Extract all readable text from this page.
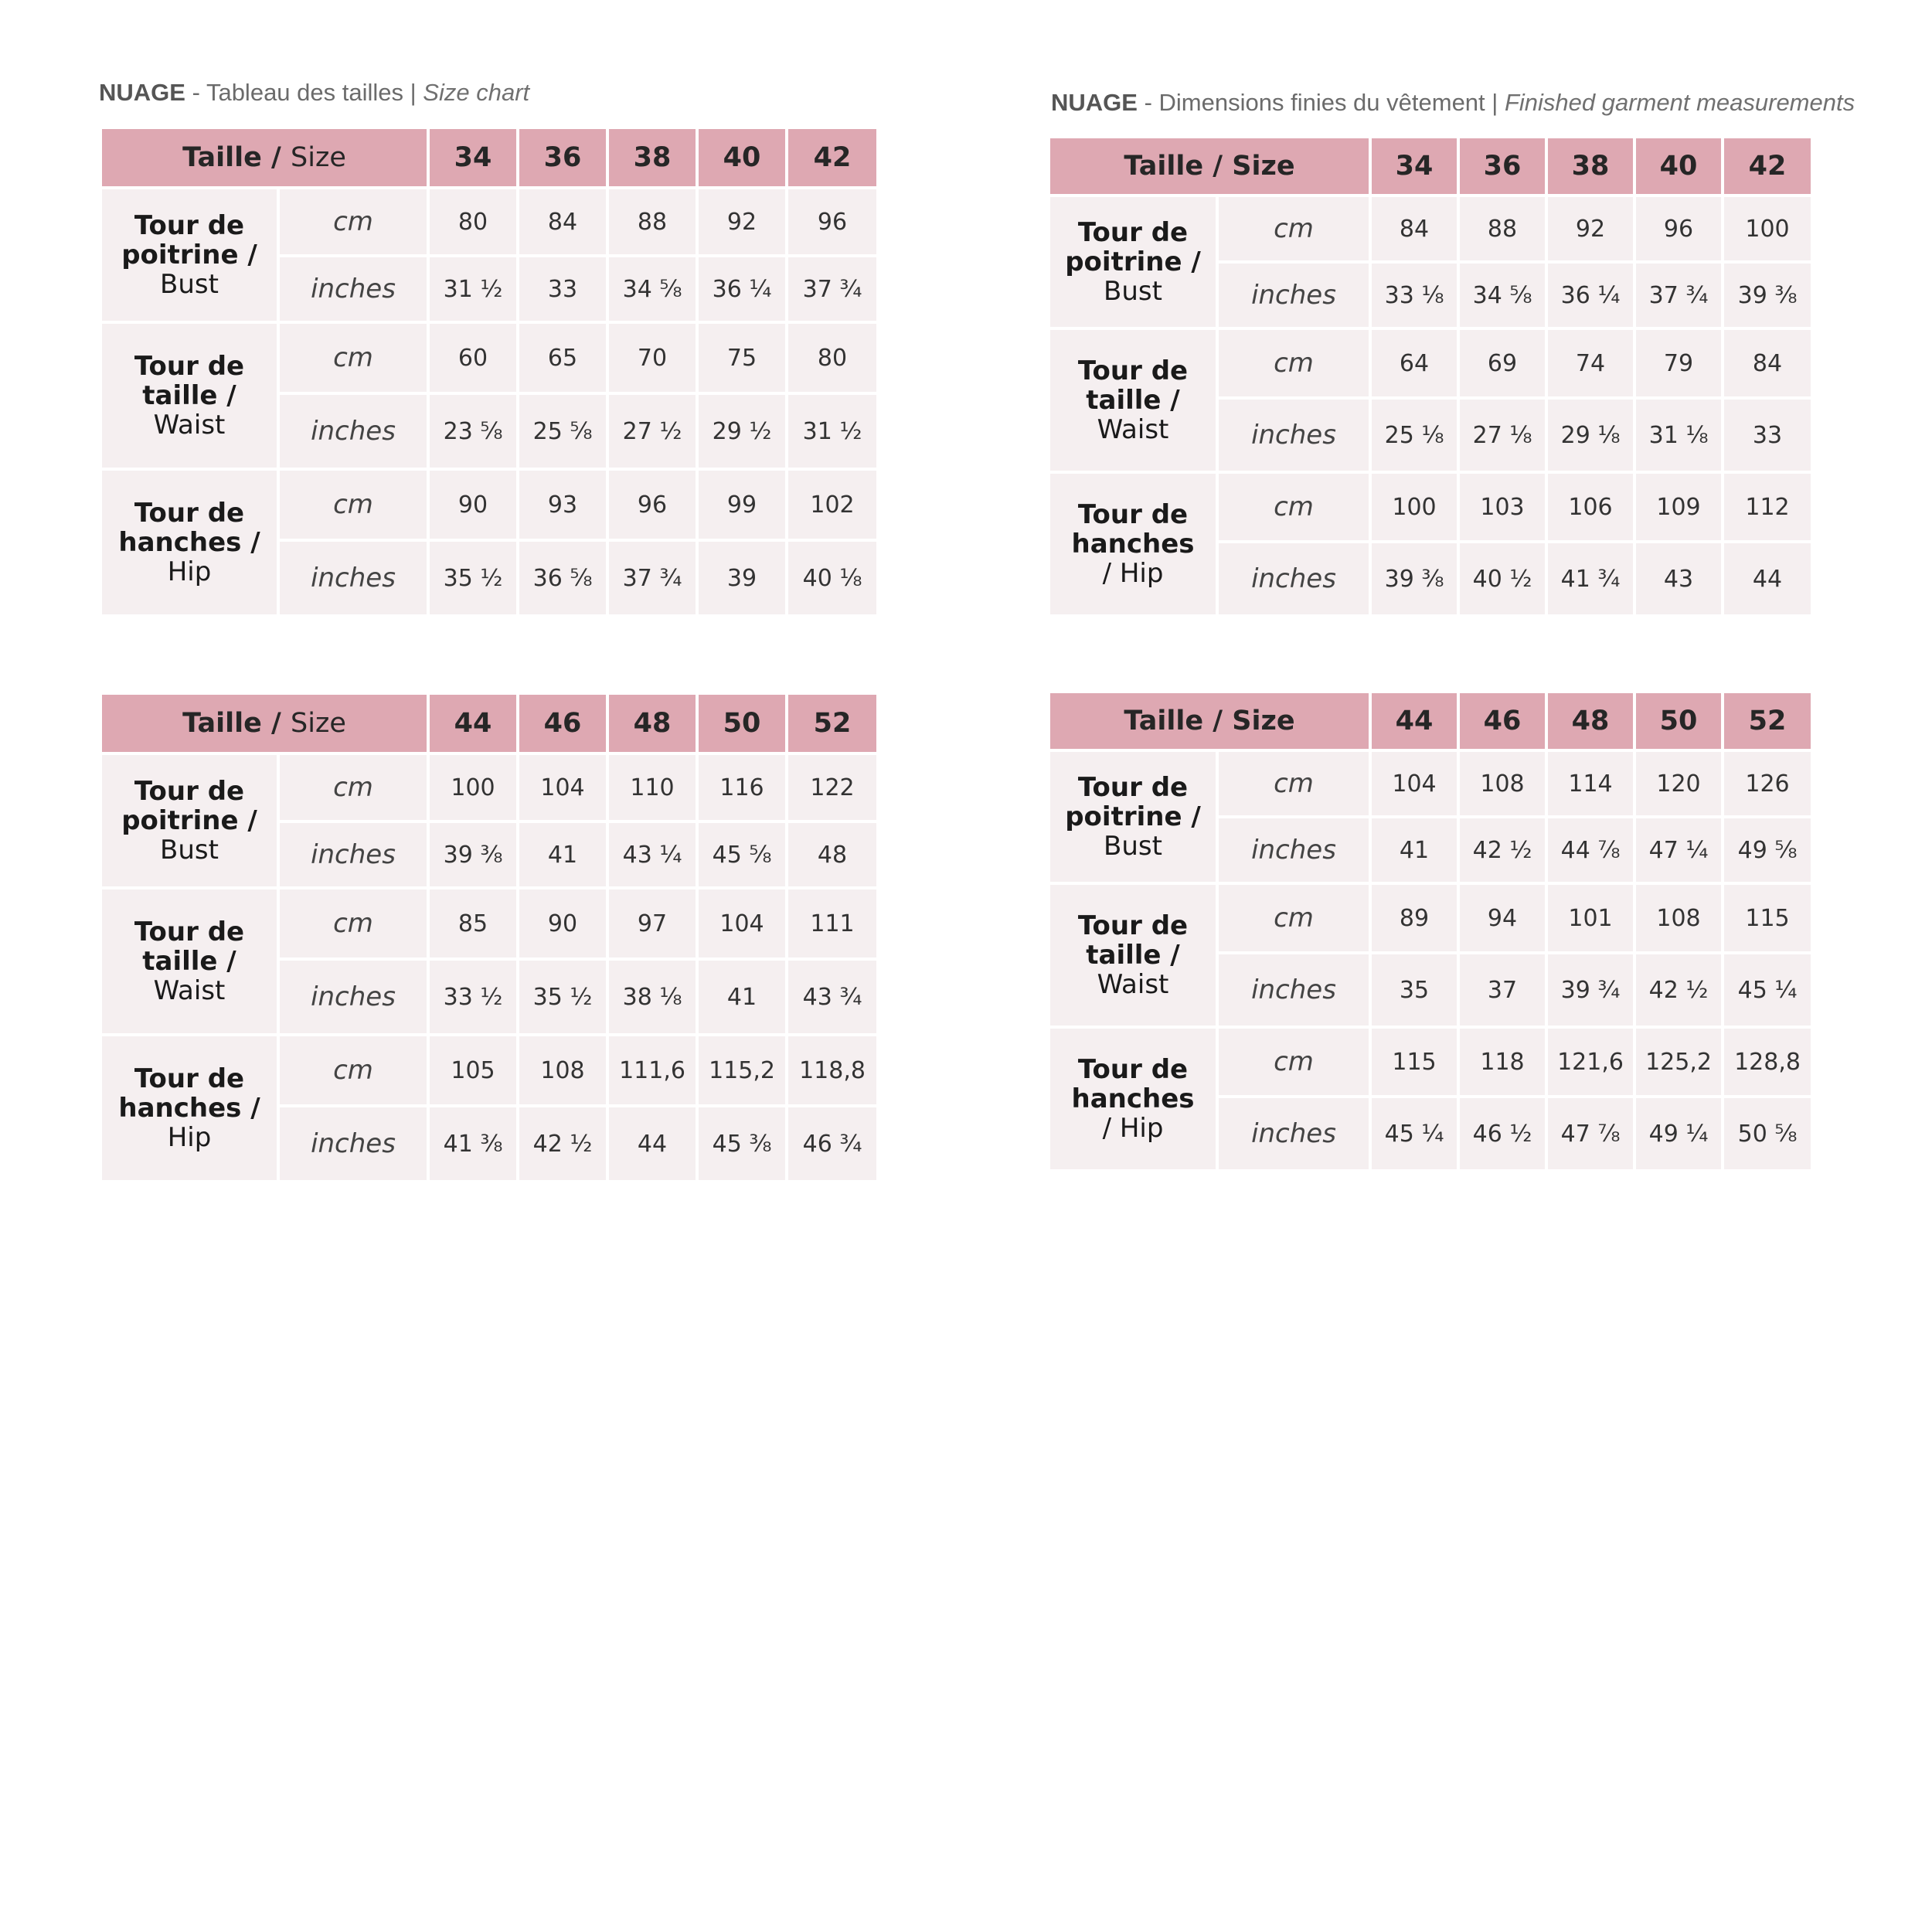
NUAGE - Tableau des tailles | Size chart	NUAGE - Dimensions finies du vêtement | Finished garment measurements
Taille / Size		34	36	38	40	42

Tour de poitrine /
Bust	cm	80	84	88	92	96
	inches	31 ½	33	34 ⅝	36 ¼	37 ¾

Tour de taille /
Waist	cm	60	65	70	75	80
	inches	23 ⅝	25 ⅝	27 ½	29 ½	31 ½

Tour de hanches /
Hip	cm	90	93	96	99	102
	inches	35 ½	36 ⅝	37 ¾	39	40 ⅛
Taille / Size		44	46	48	50	52

Tour de poitrine /
Bust	cm	100	104	110	116	122
	inches	39 ⅜	41	43 ¼	45 ⅝	48

Tour de taille /
Waist	cm	85	90	97	104	111
	inches	33 ½	35 ½	38 ⅛	41	43 ¾

Tour de hanches /
Hip	cm	105	108	111,6	115,2	118,8
	inches	41 ⅜	42 ½	44	45 ⅜	46 ¾
Taille / Size		34	36	38	40	42

Tour de poitrine /
Bust	cm	84	88	92	96	100
	inches	33 ⅛	34 ⅝	36 ¼	37 ¾	39 ⅜

Tour de taille /
Waist	cm	64	69	74	79	84
	inches	25 ⅛	27 ⅛	29 ⅛	31 ⅛	33

Tour de hanches
/ Hip	cm	100	103	106	109	112
	inches	39 ⅜	40 ½	41 ¾	43	44
Taille / Size		44	46	48	50	52

Tour de poitrine /
Bust	cm	104	108	114	120	126
	inches	41	42 ½	44 ⅞	47 ¼	49 ⅝

Tour de taille /
Waist	cm	89	94	101	108	115
	inches	35	37	39 ¾	42 ½	45 ¼

Tour de hanches
/ Hip	cm	115	118	121,6	125,2	128,8
	inches	45 ¼	46 ½	47 ⅞	49 ¼	50 ⅝
